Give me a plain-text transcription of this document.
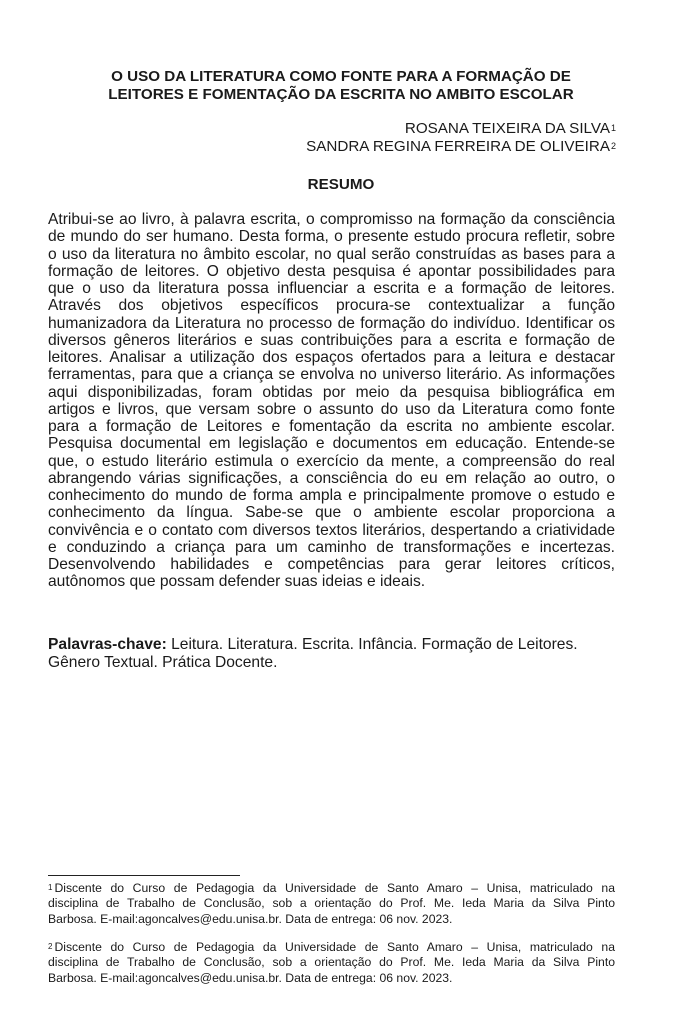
O USO DA LITERATURA COMO FONTE PARA A FORMAÇÃO DE
LEITORES E FOMENTAÇÃO DA ESCRITA NO AMBITO ESCOLAR
ROSANA TEIXEIRA DA SILVA$^1$
SANDRA REGINA FERREIRA DE OLIVEIRA$^2$
RESUMO
Atribui-se ao livro, à palavra escrita, o compromisso na formação da consciência
de mundo do ser humano. Desta forma, o presente estudo procura refletir, sobre
o uso da literatura no âmbito escolar, no qual serão construídas as bases para a
formação de leitores. O objetivo desta pesquisa é apontar possibilidades para
que o uso da literatura possa influenciar a escrita e a formação de leitores.
Através dos objetivos específicos procura-se contextualizar a função
humanizadora da Literatura no processo de formação do indivíduo. Identificar os
diversos gêneros literários e suas contribuições para a escrita e formação de
leitores. Analisar a utilização dos espaços ofertados para a leitura e destacar
ferramentas, para que a criança se envolva no universo literário. As informações
aqui disponibilizadas, foram obtidas por meio da pesquisa bibliográfica em
artigos e livros, que versam sobre o assunto do uso da Literatura como fonte
para a formação de Leitores e fomentação da escrita no ambiente escolar.
Pesquisa documental em legislação e documentos em educação. Entende-se
que, o estudo literário estimula o exercício da mente, a compreensão do real
abrangendo várias significações, a consciência do eu em relação ao outro, o
conhecimento do mundo de forma ampla e principalmente promove o estudo e
conhecimento da língua. Sabe-se que o ambiente escolar proporciona a
convivência e o contato com diversos textos literários, despertando a criatividade
e conduzindo a criança para um caminho de transformações e incertezas.
Desenvolvendo habilidades e competências para gerar leitores críticos,
autônomos que possam defender suas ideias e ideais.
Palavras-chave: Leitura. Literatura. Escrita. Infância. Formação de Leitores.
Gênero Textual. Prática Docente.
$^1$ Discente do Curso de Pedagogia da Universidade de Santo Amaro – Unisa, matriculado na
disciplina de Trabalho de Conclusão, sob a orientação do Prof. Me. Ieda Maria da Silva Pinto
Barbosa. E-mail:agoncalves@edu.unisa.br. Data de entrega: 06 nov. 2023.
$^2$ Discente do Curso de Pedagogia da Universidade de Santo Amaro – Unisa, matriculado na
disciplina de Trabalho de Conclusão, sob a orientação do Prof. Me. Ieda Maria da Silva Pinto
Barbosa. E-mail:agoncalves@edu.unisa.br. Data de entrega: 06 nov. 2023.
